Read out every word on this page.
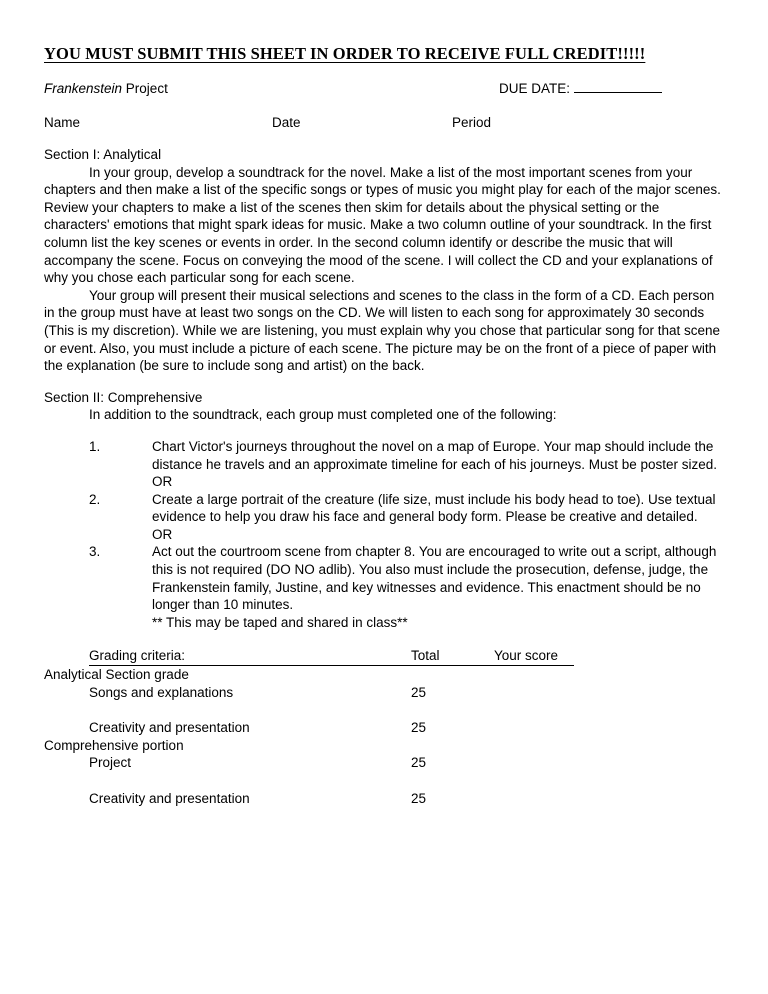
YOU MUST SUBMIT THIS SHEET IN ORDER TO RECEIVE FULL CREDIT!!!!!
Frankenstein Project	DUE DATE:
Name	Date	Period
Section I: Analytical

In your group, develop a soundtrack for the novel. Make a list of the most important scenes from your chapters and then make a list of the specific songs or types of music you might play for each of the major scenes. Review your chapters to make a list of the scenes then skim for details about the physical setting or the characters' emotions that might spark ideas for music. Make a two column outline of your soundtrack. In the first column list the key scenes or events in order. In the second column identify or describe the music that will accompany the scene. Focus on conveying the mood of the scene. I will collect the CD and your explanations of why you chose each particular song for each scene.

Your group will present their musical selections and scenes to the class in the form of a CD. Each person in the group must have at least two songs on the CD. We will listen to each song for approximately 30 seconds (This is my discretion). While we are listening, you must explain why you chose that particular song for that scene or event. Also, you must include a picture of each scene. The picture may be on the front of a piece of paper with the explanation (be sure to include song and artist) on the back.

Section II: Comprehensive

In addition to the soundtrack, each group must completed one of the following:

1.	Chart Victor's journeys throughout the novel on a map of Europe. Your map should include the distance he travels and an approximate timeline for each of his journeys. Must be poster sized.
OR
2.	Create a large portrait of the creature (life size, must include his body head to toe). Use textual evidence to help you draw his face and general body form. Please be creative and detailed.
OR
3.	Act out the courtroom scene from chapter 8. You are encouraged to write out a script, although this is not required (DO NO adlib). You also must include the prosecution, defense, judge, the Frankenstein family, Justine, and key witnesses and evidence. This enactment should be no longer than 10 minutes.
** This may be taped and shared in class**
Grading criteria:	Total	Your score
Analytical Section grade
Songs and explanations	25
Creativity and presentation	25
Comprehensive portion
Project	25
Creativity and presentation	25
